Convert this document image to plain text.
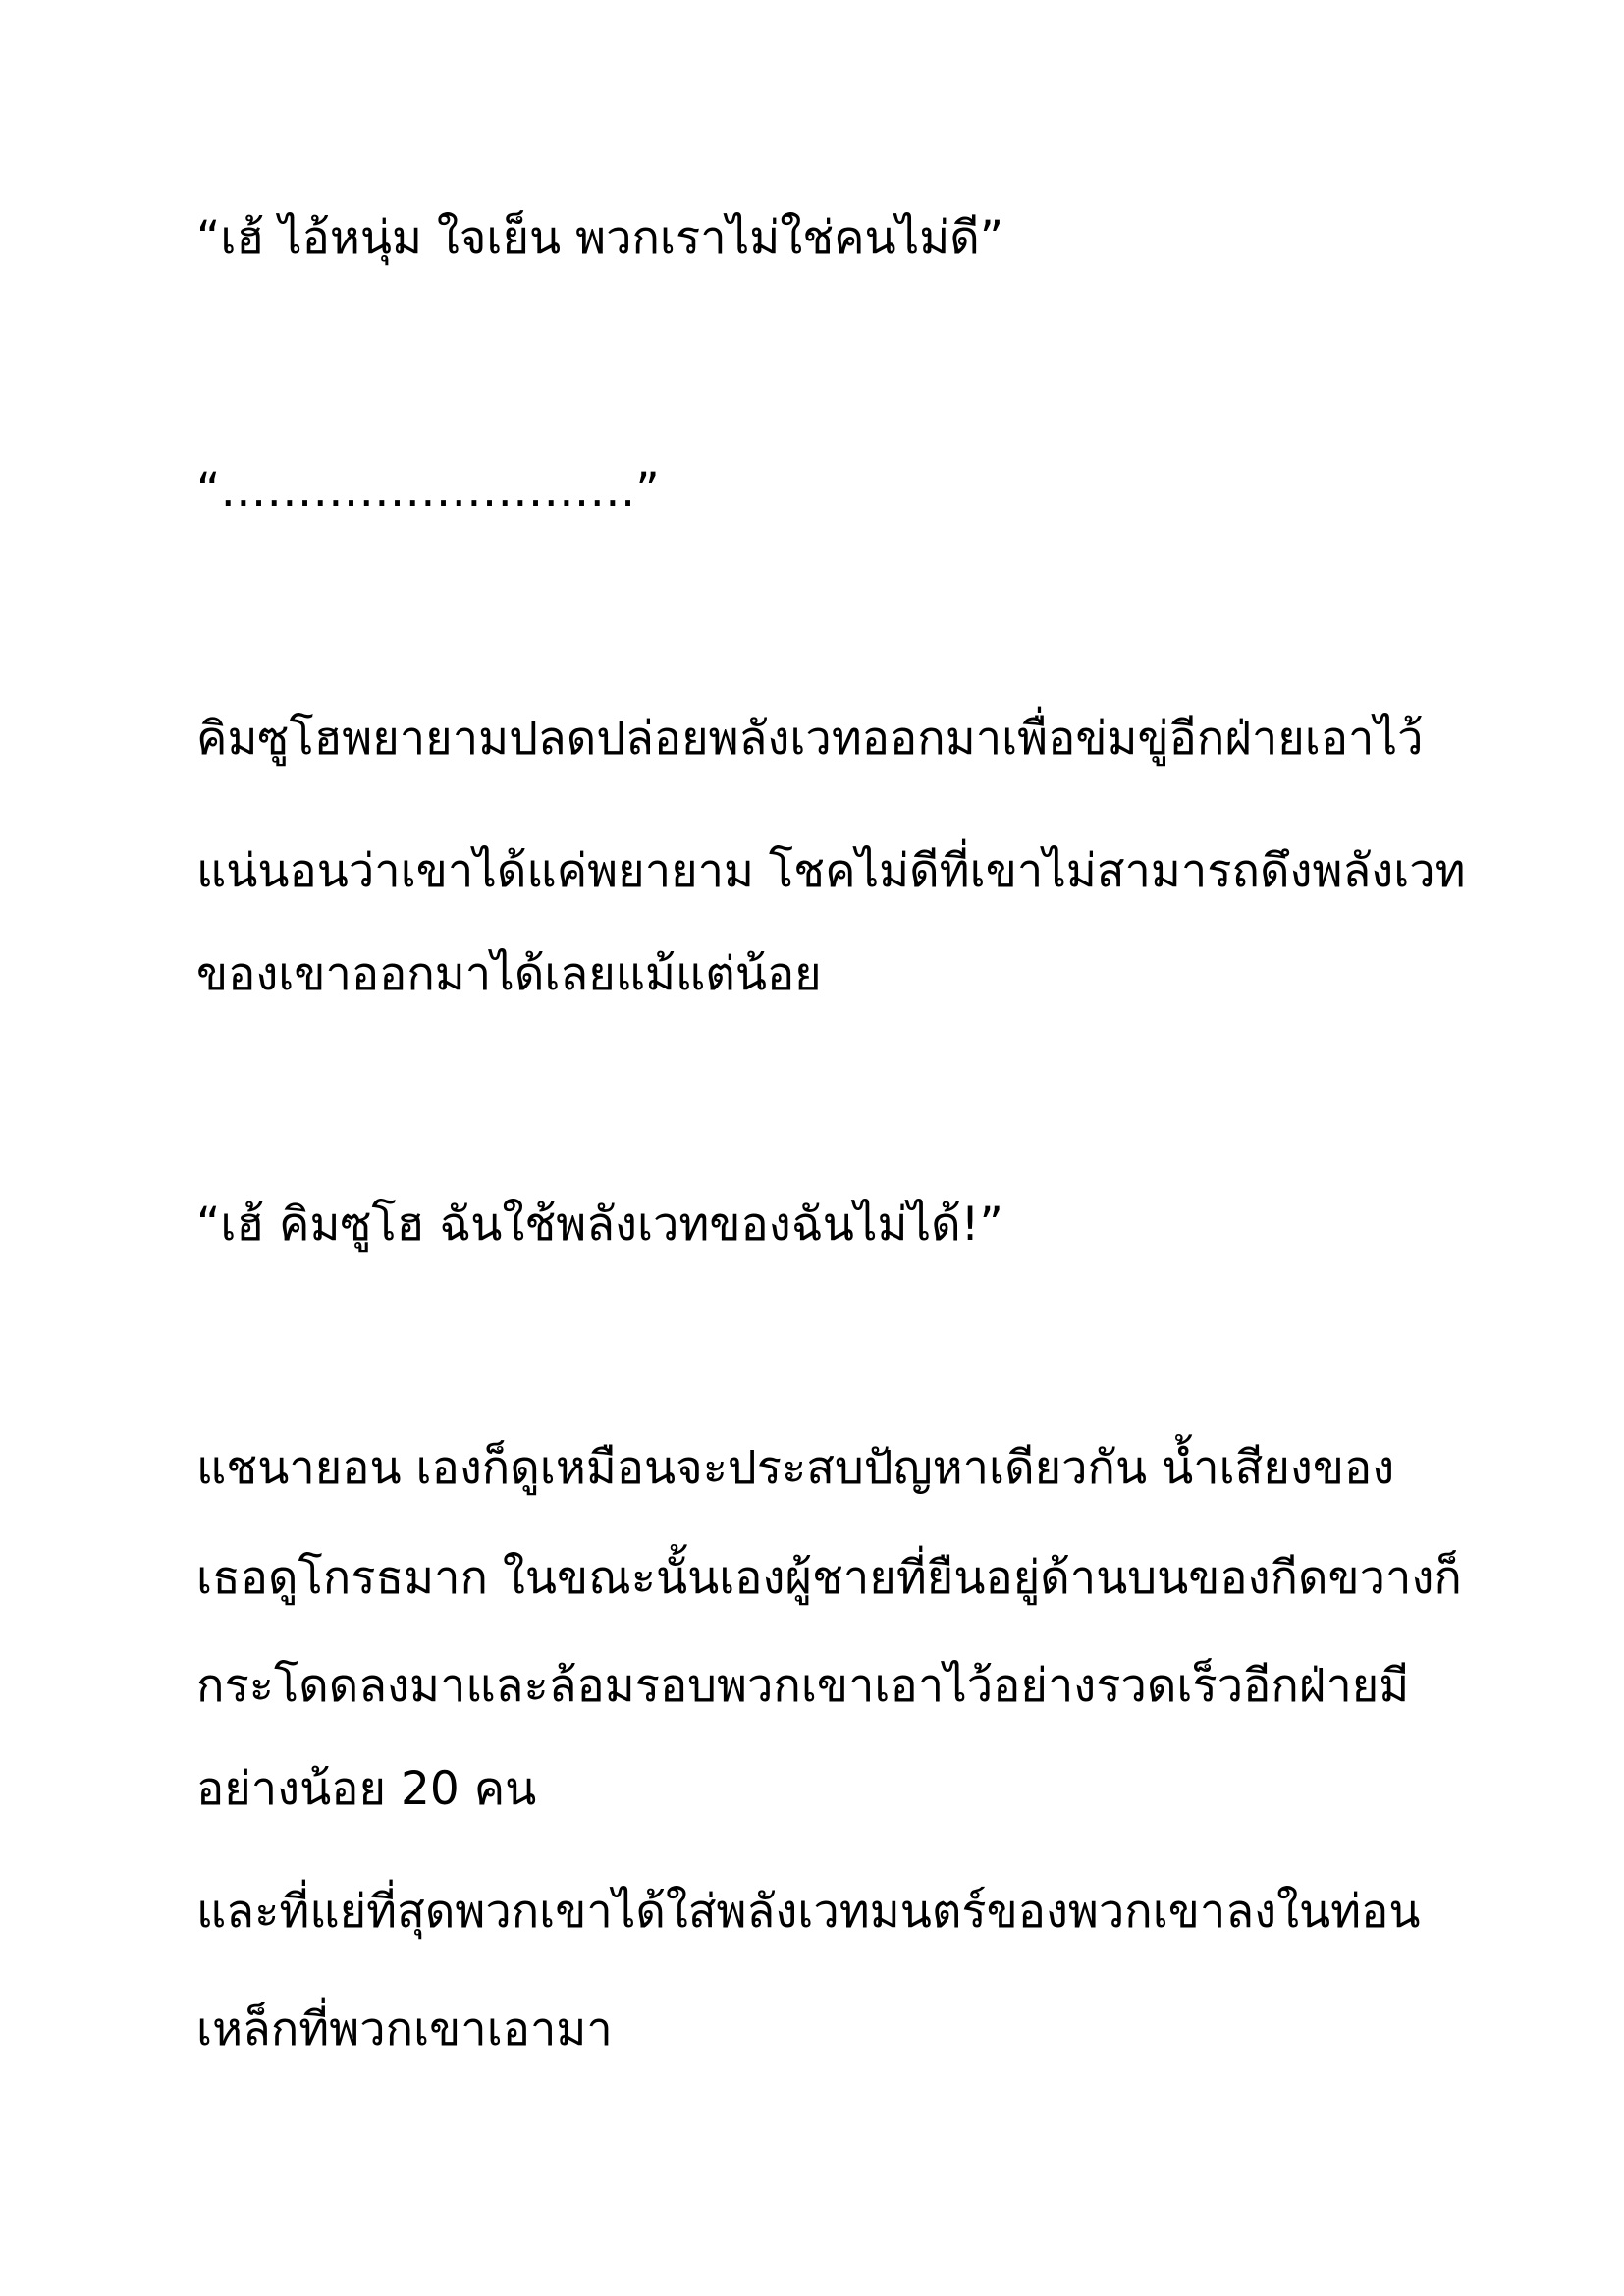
“เฮ้ ไอ้หนุ่ม ใจเย็น พวกเราไม่ใช่คนไม่ดี”

“………………………”

คิมซูโฮพยายามปลดปล่อยพลังเวทออกมาเพื่อข่มขู่อีกฝ่ายเอาไว้

แน่นอนว่าเขาได้แค่พยายาม โชคไม่ดีที่เขาไม่สามารถดึงพลังเวท

ของเขาออกมาได้เลยแม้แต่น้อย

“เฮ้ คิมซูโฮ ฉันใช้พลังเวทของฉันไม่ได้!”

แชนายอน เองก็ดูเหมือนจะประสบปัญหาเดียวกัน น้ำเสียงของ

เธอดูโกรธมาก ในขณะนั้นเองผู้ชายที่ยืนอยู่ด้านบนของกีดขวางก็

กระโดดลงมาและล้อมรอบพวกเขาเอาไว้อย่างรวดเร็วอีกฝ่ายมี

อย่างน้อย 20 คน

และที่แย่ที่สุดพวกเขาได้ใส่พลังเวทมนตร์ของพวกเขาลงในท่อน

เหล็กที่พวกเขาเอามา
